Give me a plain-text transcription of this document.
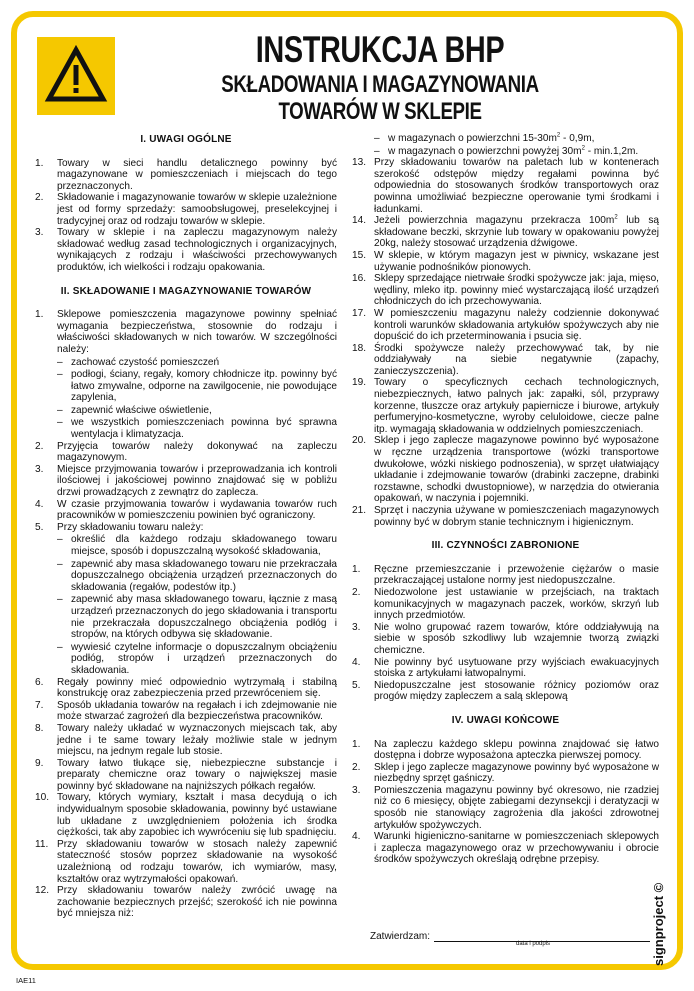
INSTRUKCJA BHP
SKŁADOWANIA I MAGAZYNOWANIA
TOWARÓW W SKLEPIE
I. UWAGI OGÓLNE
1.	Towary w sieci handlu detalicznego powinny być magazynowane w pomieszczeniach i miejscach do tego przeznaczonych.
2.	Składowanie i magazynowanie towarów w sklepie uzależnione jest od formy sprzedaży: samoobsługowej, preselekcyjnej i tradycyjnej oraz od rodzaju towarów w sklepie.
3.	Towary w sklepie i na zapleczu magazynowym należy składować według zasad technologicznych i organizacyjnych, wynikających z rodzaju i właściwości przechowywanych produktów, ich wielkości i rodzaju opakowania.
II. SKŁADOWANIE I MAGAZYNOWANIE TOWARÓW
1.	Sklepowe pomieszczenia magazynowe powinny spełniać wymagania bezpieczeństwa, stosownie do rodzaju i właściwości składowanych w nich towarów. W szczególności należy:
– zachować czystość pomieszczeń
– podłogi, ściany, regały, komory chłodnicze itp. powinny być łatwo zmywalne, odporne na zawilgocenie, nie powodujące zapylenia,
– zapewnić właściwe oświetlenie,
– we wszystkich pomieszczeniach powinna być sprawna wentylacja i klimatyzacja.
2.	Przyjęcia towarów należy dokonywać na zapleczu magazynowym.
3.	Miejsce przyjmowania towarów i przeprowadzania ich kontroli ilościowej i jakościowej powinno znajdować się w pobliżu drzwi prowadzących z zewnątrz do zaplecza.
4.	W czasie przyjmowania towarów i wydawania towarów ruch pracowników w pomieszczeniu powinien być ograniczony.
5.	Przy składowaniu towaru należy:
– określić dla każdego rodzaju składowanego towaru miejsce, sposób i dopuszczalną wysokość składowania,
– zapewnić aby masa składowanego towaru nie przekraczała dopuszczalnego obciążenia urządzeń przeznaczonych do składowania (regałów, podestów itp.)
– zapewnić aby masa składowanego towaru, łącznie z masą urządzeń przeznaczonych do jego składowania i transportu nie przekraczała dopuszczalnego obciążenia podłóg i stropów, na których odbywa się składowanie.
– wywiesić czytelne informacje o dopuszczalnym obciążeniu podłóg, stropów i urządzeń przeznaczonych do składowania.
6.	Regały powinny mieć odpowiednio wytrzymałą i stabilną konstrukcję oraz zabezpieczenia przed przewróceniem się.
7.	Sposób układania towarów na regałach i ich zdejmowanie nie może stwarzać zagrożeń dla bezpieczeństwa pracowników.
8.	Towary należy układać w wyznaczonych miejscach tak, aby jedne i te same towary leżały możliwie stale w jednym miejscu, na jednym regale lub stosie.
9.	Towary łatwo tłukące się, niebezpieczne substancje i preparaty chemiczne oraz towary o największej masie powinny być składowane na najniższych półkach regałów.
10. Towary, których wymiary, kształt i masa decydują o ich indywidualnym sposobie składowania, powinny być ustawiane lub układane z uwzględnieniem położenia ich środka ciężkości, tak aby zapobiec ich wywróceniu się lub spadnięciu.
11. Przy składowaniu towarów w stosach należy zapewnić stateczność stosów poprzez składowanie na wysokość uzależnioną od rodzaju towarów, ich wymiarów, masy, kształtów oraz wytrzymałości opakowań.
12. Przy składowaniu towarów należy zwrócić uwagę na zachowanie bezpiecznych przejść; szerokość ich nie powinna być mniejsza niż:
– w magazynach o powierzchni $15-30m^2 - 0,9m$,
– w magazynach o powierzchni powyżej $30m^2 - \min.1,2m$.
13. Przy składowaniu towarów na paletach lub w kontenerach szerokość odstępów między regałami powinna być odpowiednia do stosowanych środków transportowych oraz powinna umożliwiać bezpieczne operowanie tymi środkami i ładunkami.
14. Jeżeli powierzchnia magazynu przekracza $100m^2$ lub są składowane beczki, skrzynie lub towary w opakowaniu powyżej 20kg, należy stosować urządzenia dźwigowe.
15. W sklepie, w którym magazyn jest w piwnicy, wskazane jest używanie podnośników pionowych.
16. Sklepy sprzedające nietrwałe środki spożywcze jak: jaja, mięso, wędliny, mleko itp. powinny mieć wystarczającą ilość urządzeń chłodniczych do ich przechowywania.
17. W pomieszczeniu magazynu należy codziennie dokonywać kontroli warunków składowania artykułów spożywczych aby nie dopuścić do ich przeterminowania i psucia się.
18. Środki spożywcze należy przechowywać tak, by nie oddziaływały na siebie negatywnie (zapachy, zanieczyszczenia).
19. Towary o specyficznych cechach technologicznych, niebezpiecznych, łatwo palnych jak: zapałki, sól, przyprawy korzenne, tłuszcze oraz artykuły papiernicze i biurowe, artykuły perfumeryjno-kosmetyczne, wyroby celuloidowe, ciecze palne itp. wymagają składowania w oddzielnych pomieszczeniach.
20. Sklep i jego zaplecze magazynowe powinno być wyposażone w ręczne urządzenia transportowe (wózki transportowe dwukołowe, wózki niskiego podnoszenia), w sprzęt ułatwiający układanie i zdejmowanie towarów (drabinki zaczepne, drabinki rozstawne, schodki dwustopniowe), w narzędzia do otwierania opakowań, w naczynia i pojemniki.
21. Sprzęt i naczynia używane w pomieszczeniach magazynowych powinny być w dobrym stanie technicznym i higienicznym.
III. CZYNNOŚCI ZABRONIONE
1.	Ręczne przemieszczanie i przewożenie ciężarów o masie przekraczającej ustalone normy jest niedopuszczalne.
2.	Niedozwolone jest ustawianie w przejściach, na traktach komunikacyjnych w magazynach paczek, worków, skrzyń lub innych przedmiotów.
3.	Nie wolno grupować razem towarów, które oddziaływują na siebie w sposób szkodliwy lub wzajemnie tworzą związki chemiczne.
4.	Nie powinny być usytuowane przy wyjściach ewakuacyjnych stoiska z artykułami łatwopalnymi.
5.	Niedopuszczalne jest stosowanie różnicy poziomów oraz progów między zapleczem a salą sklepową
IV. UWAGI KOŃCOWE
1.	Na zapleczu każdego sklepu powinna znajdować się łatwo dostępna i dobrze wyposażona apteczka pierwszej pomocy.
2.	Sklep i jego zaplecze magazynowe powinny być wyposażone w niezbędny sprzęt gaśniczy.
3.	Pomieszczenia magazynu powinny być okresowo, nie rzadziej niż co 6 miesięcy, objęte zabiegami dezynsekcji i deratyzacji w sposób nie stanowiący zagrożenia dla jakości zdrowotnej artykułów spożywczych.
4.	Warunki higieniczno-sanitarne w pomieszczeniach sklepowych i zaplecza magazynowego oraz w przechowywaniu i obrocie środków spożywczych określają odrębne przepisy.
Zatwierdzam:
data i podpis	signproject ©
IAE11
